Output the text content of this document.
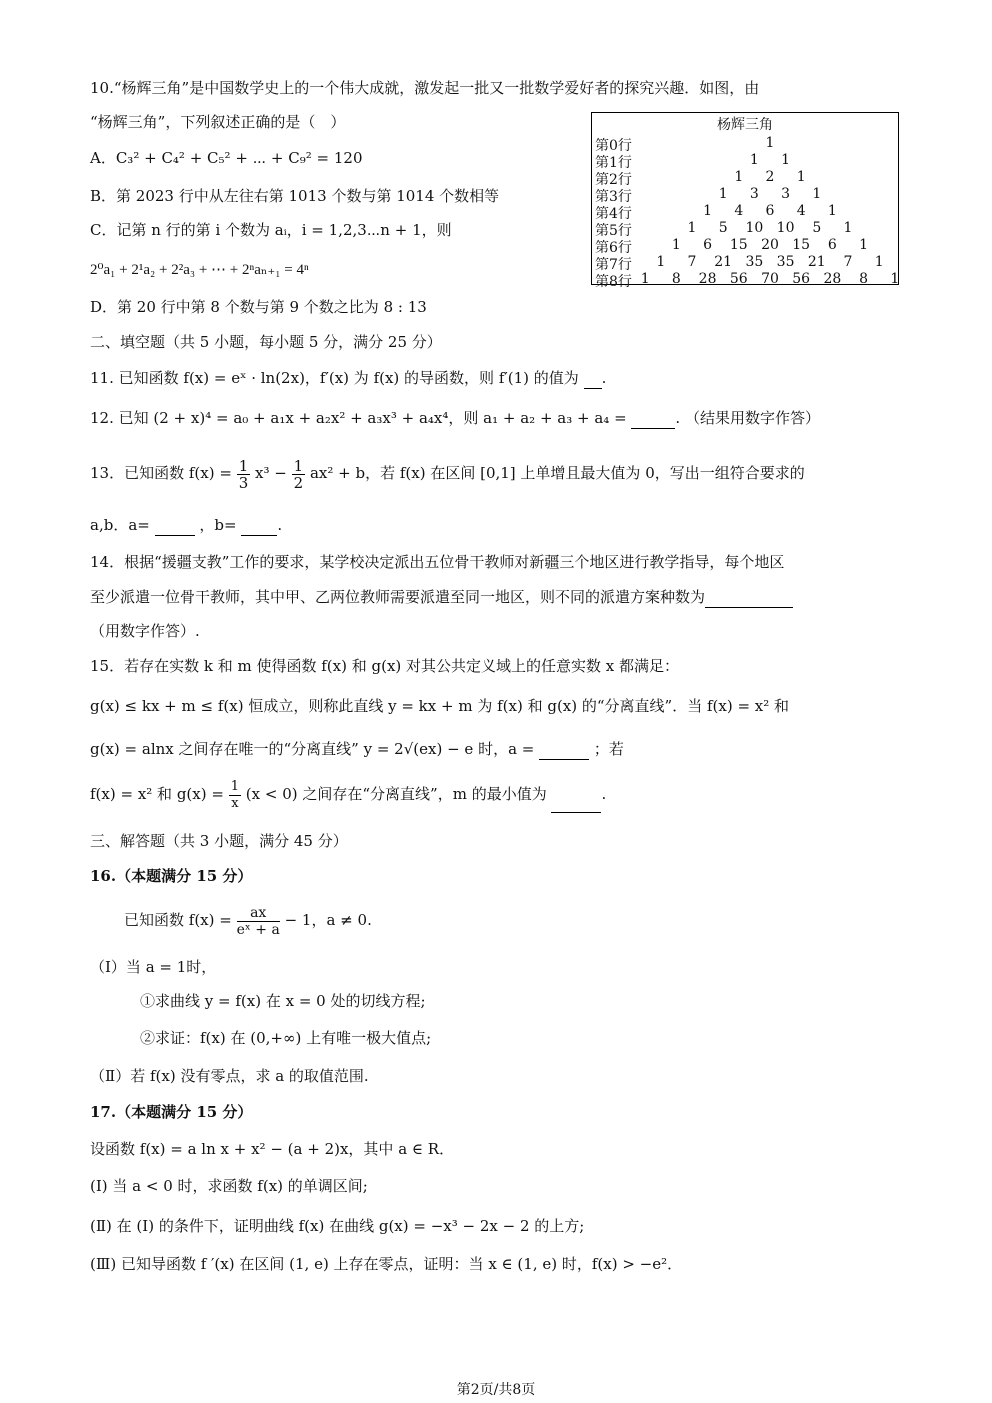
10.“杨辉三角”是中国数学史上的一个伟大成就，激发起一批又一批数学爱好者的探究兴趣．如图，由
“杨辉三角”，下列叙述正确的是（　）
A．C₃² + C₄² + C₅² + ⋯ + C₉² = 120
B．第 2023 行中从左往右第 1013 个数与第 1014 个数相等
C．记第 n 行的第 i 个数为 aᵢ，i = 1,2,3⋯n + 1，则
2⁰a₁ + 2¹a₂ + 2²a₃ + ⋯ + 2ⁿaₙ₊₁ = 4ⁿ
D．第 20 行中第 8 个数与第 9 个数之比为 8 : 13
杨辉三角
第0行	1
第1行	1	1
第2行	1	2	1
第3行	1	3	3	1
第4行	1	4	6	4	1
第5行	1	5	10 10	5	1
第6行	1	6	15 20 15	6	1
第7行	1	7	21 35 35 21	7	1
第8行 1	8	28 56 70 56 28	8	1
二、填空题（共 5 小题，每小题 5 分，满分 25 分）
11. 已知函数 f(x) = eˣ · ln(2x)，f′(x) 为 f(x) 的导函数，则 f′(1) 的值为 .
12. 已知 (2 + x)⁴ = a₀ + a₁x + a₂x² + a₃x³ + a₄x⁴，则 a₁ + a₂ + a₃ + a₄ =	. （结果用数字作答）
13．已知函数 $f(x) = \frac{1}{3} x^3 - \frac{1}{2} ax^2 + b$，若 f(x) 在区间 [0,1] 上单增且最大值为 0，写出一组符合要求的
a,b．a=	，b=	.
14．根据“援疆支教”工作的要求，某学校决定派出五位骨干教师对新疆三个地区进行教学指导，每个地区
至少派遣一位骨干教师，其中甲、乙两位教师需要派遣至同一地区，则不同的派遣方案种数为
（用数字作答）.
15．若存在实数 k 和 m 使得函数 f(x) 和 g(x) 对其公共定义域上的任意实数 x 都满足：
g(x) ≤ kx + m ≤ f(x) 恒成立，则称此直线 y = kx + m 为 f(x) 和 g(x) 的“分离直线”．当 f(x) = x² 和
g(x) = alnx 之间存在唯一的“分离直线” y = 2√(ex) − e 时，a =	；若
f(x) = x² 和 $g(x) = \frac{1}{x} (x < 0)$ 之间存在“分离直线”，m 的最小值为	.
三、解答题（共 3 小题，满分 45 分）
16.（本题满分 15 分）
已知函数 $f(x) = \frac{ax}{\text{eˣ + a}} - 1$，a ≠ 0.
（Ⅰ）当 a = 1时，
①求曲线 y = f(x) 在 x = 0 处的切线方程;
②求证：f(x) 在 (0,+∞) 上有唯一极大值点;
（Ⅱ）若 f(x) 没有零点，求 a 的取值范围.
17.（本题满分 15 分）
设函数 f(x) = a ln x + x² − (a + 2)x，其中 a ∈ R．
(Ⅰ) 当 a < 0 时，求函数 f(x) 的单调区间;
(Ⅱ) 在 (Ⅰ) 的条件下，证明曲线 f(x) 在曲线 g(x) = −x³ − 2x − 2 的上方;
(Ⅲ) 已知导函数 f ′(x) 在区间 (1, e) 上存在零点，证明：当 x ∈ (1, e) 时，f(x) > −e²．
第2页/共8页
